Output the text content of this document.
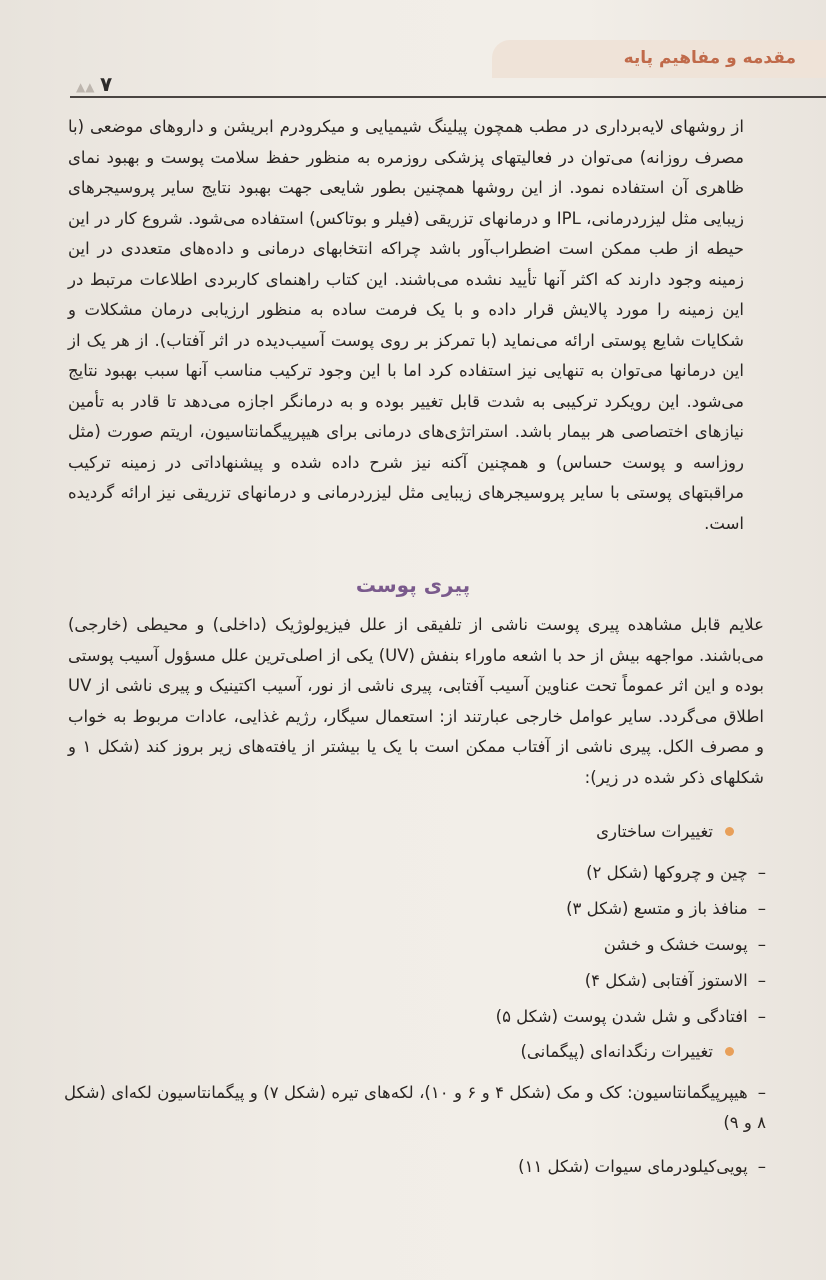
مقدمه و مفاهیم پایه
▲▲ ۷
از روشهای لایه‌برداری در مطب همچون پیلینگ شیمیایی و میکرودرم ابریشن و داروهای موضعی (با مصرف روزانه) می‌توان در فعالیتهای پزشکی روزمره به منظور حفظ سلامت پوست و بهبود نمای ظاهری آن استفاده نمود. از این روشها همچنین بطور شایعی جهت بهبود نتایج سایر پروسیجرهای زیبایی مثل لیزردرمانی، IPL و درمانهای تزریقی (فیلر و بوتاکس) استفاده می‌شود. شروع کار در این حیطه از طب ممکن است اضطراب‌آور باشد چراکه انتخابهای درمانی و داده‌های متعددی در این زمینه وجود دارند که اکثر آنها تأیید نشده می‌باشند. این کتاب راهنمای کاربردی اطلاعات مرتبط در این زمینه را مورد پالایش قرار داده و با یک فرمت ساده به منظور ارزیابی درمان مشکلات و شکایات شایع پوستی ارائه می‌نماید (با تمرکز بر روی پوست آسیب‌دیده در اثر آفتاب). از هر یک از این درمانها می‌توان به تنهایی نیز استفاده کرد اما با این وجود ترکیب مناسب آنها سبب بهبود نتایج می‌شود. این رویکرد ترکیبی به شدت قابل تغییر بوده و به درمانگر اجازه می‌دهد تا قادر به تأمین نیازهای اختصاصی هر بیمار باشد. استراتژی‌های درمانی برای هیپرپیگمانتاسیون، اریتم صورت (مثل روزاسه و پوست حساس) و همچنین آکنه نیز شرح داده شده و پیشنهاداتی در زمینه ترکیب مراقبتهای پوستی با سایر پروسیجرهای زیبایی مثل لیزردرمانی و درمانهای تزریقی نیز ارائه گردیده است.
پیری پوست
علایم قابل مشاهده پیری پوست ناشی از تلفیقی از علل فیزیولوژیک (داخلی) و محیطی (خارجی) می‌باشند. مواجهه بیش از حد با اشعه ماوراء بنفش (UV) یکی از اصلی‌ترین علل مسؤول آسیب پوستی بوده و این اثر عموماً تحت عناوین آسیب آفتابی، پیری ناشی از نور، آسیب اکتینیک و پیری ناشی از UV اطلاق می‌گردد. سایر عوامل خارجی عبارتند از: استعمال سیگار، رژیم غذایی، عادات مربوط به خواب و مصرف الکل. پیری ناشی از آفتاب ممکن است با یک یا بیشتر از یافته‌های زیر بروز کند (شکل ۱ و شکلهای ذکر شده در زیر):
تغییرات ساختاری
–چین و چروکها (شکل ۲)
–منافذ باز و متسع (شکل ۳)
–پوست خشک و خشن
–الاستوز آفتابی (شکل ۴)
–افتادگی و شل شدن پوست (شکل ۵)
تغییرات رنگدانه‌ای (پیگمانی)
–هیپرپیگمانتاسیون: کک و مک (شکل ۴ و ۶ و ۱۰)، لکه‌های تیره (شکل ۷) و پیگمانتاسیون لکه‌ای (شکل ۸ و ۹)
–پویی‌کیلودرمای سیوات (شکل ۱۱)
